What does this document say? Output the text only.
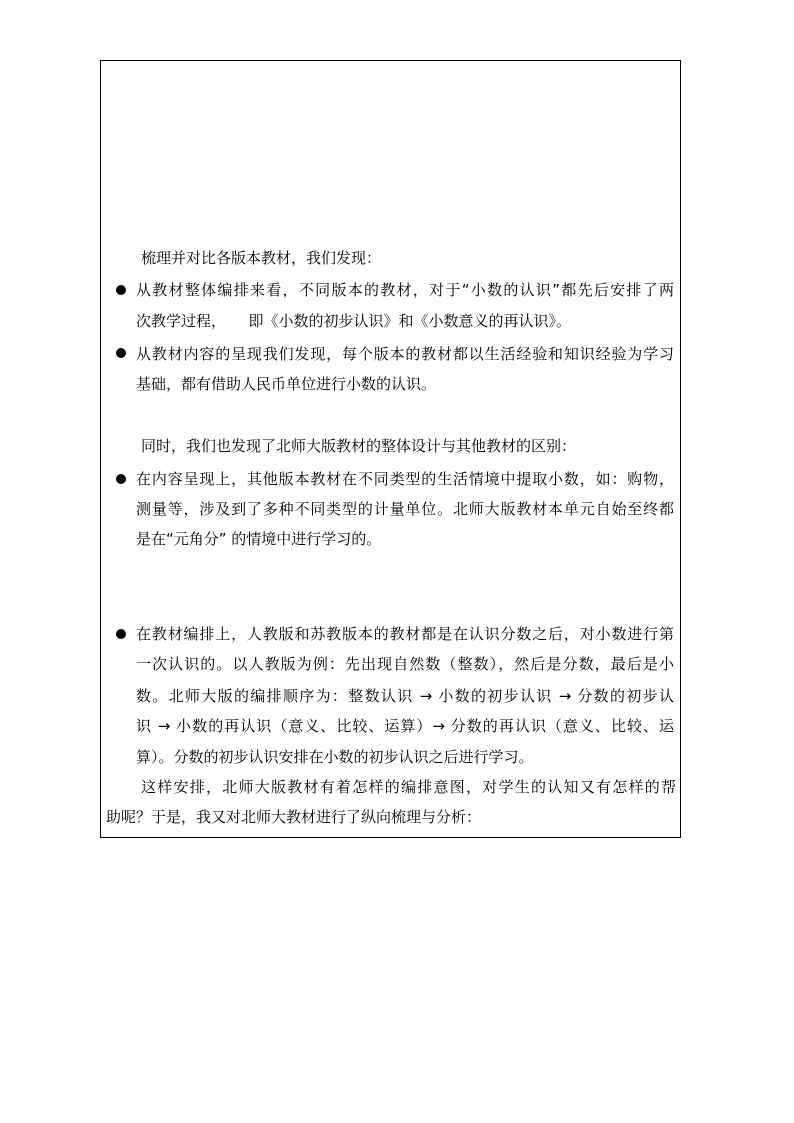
梳理并对比各版本教材，我们发现：
从教材整体编排来看，不同版本的教材，对于“小数的认识”都先后安排了两
次教学过程，　　即《小数的初步认识》和《小数意义的再认识》。
从教材内容的呈现我们发现，每个版本的教材都以生活经验和知识经验为学习
基础，都有借助人民币单位进行小数的认识。
同时，我们也发现了北师大版教材的整体设计与其他教材的区别：
在内容呈现上，其他版本教材在不同类型的生活情境中提取小数，如：购物，
测量等，涉及到了多种不同类型的计量单位。北师大版教材本单元自始至终都
是在“元角分” 的情境中进行学习的。
在教材编排上，人教版和苏教版本的教材都是在认识分数之后，对小数进行第
一次认识的。以人教版为例：先出现自然数（整数），然后是分数，最后是小
数。北师大版的编排顺序为：整数认识 → 小数的初步认识 → 分数的初步认
识 → 小数的再认识（意义、比较、运算）→ 分数的再认识（意义、比较、运
算）。分数的初步认识安排在小数的初步认识之后进行学习。
这样安排，北师大版教材有着怎样的编排意图，对学生的认知又有怎样的帮
助呢？于是，我又对北师大教材进行了纵向梳理与分析：
